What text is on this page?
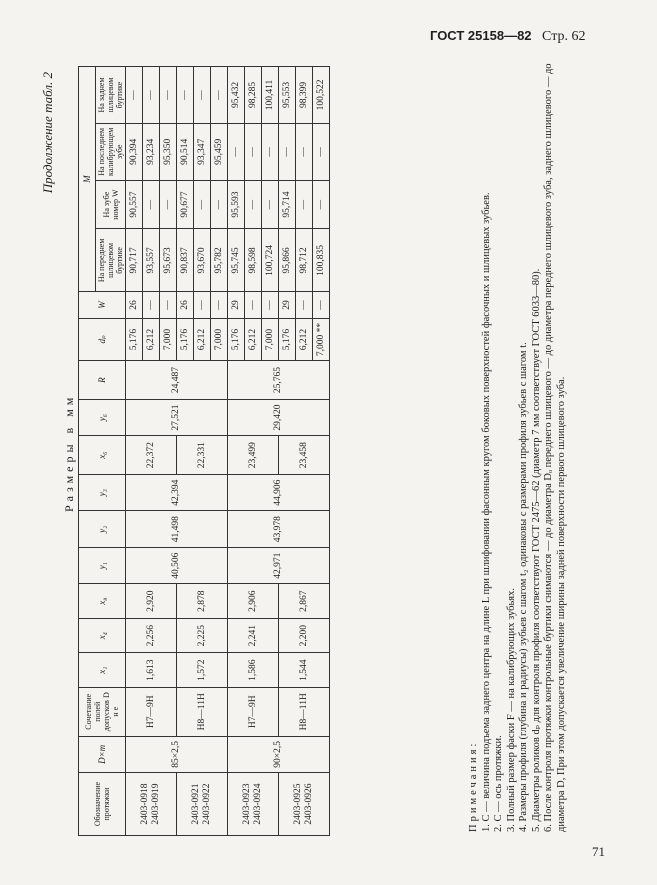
ГОСТ 25158—82 Стр. 62
Продолжение табл. 2
Размеры в мм
Обозначение протяжки	D×m	Сочетание полей допусков D н е	x₁	x₄	x₈	y₁	y₂	y₃	x₆	y₆	R	dₚ	W	M			
														На переднем шлицевом буртике	На зубе номер W	На последнем калибрующем зубе	На заднем шлицевом буртике
2403-0918
2403-0919	85×2,5	H7—9H	1,613	2,256	2,920	40,506	41,498	42,394	22,372	27,521	24,487	5,176	26	90,717	90,557	90,394	—
												6,212	—	93,557	—	93,234	—
												7,000	—	95,673	—	95,350	—
2403-0921
2403-0922		H8—11H	1,572	2,225	2,878				22,331			5,176	26	90,837	90,677	90,514	—
												6,212	—	93,670	—	93,347	—
												7,000	—	95,782	—	95,459	—
2403-0923
2403-0924	90×2,5	H7—9H	1,586	2,241	2,906	42,971	43,978	44,906	23,499	29,420	25,765	5,176	29	95,745	95,593	—	95,432
												6,212	—	98,598	—	—	98,285
												7,000	—	100,724	—	—	100,411
2403-0925
2403-0926		H8—11H	1,544	2,200	2,867				23,458			5,176	29	95,866	95,714	—	95,553
												6,212	—	98,712	—	—	98,399
												7,000 **	—	100,835	—	—	100,522

Примечания: 1. C — величина подъема заднего центра на длине L при шлифовании фасонным кругом боковых поверхностей фасочных и шлицевых зубьев. 2. C — ось протяжки. 3. Полный размер фаски F — на калибрующих зубьях. 4. Размеры профиля (глубина и радиусы) зубьев с шагом t₂ одинаковы с размерами профиля зубьев с шагом t. 5. Диаметры роликов dₚ для контроля профиля соответствуют ГОСТ 2475—62 (диаметр 7 мм соответствует ГОСТ 6033—80). 6. После контроля протяжки контрольные буртики снимаются — до диаметра Dₒ переднего шлицевого — до диаметра переднего шлицевого зуба, заднего шлицевого — до диаметра D, При этом допускается увеличение ширины задней поверхности первого шлицевого зуба.

71
